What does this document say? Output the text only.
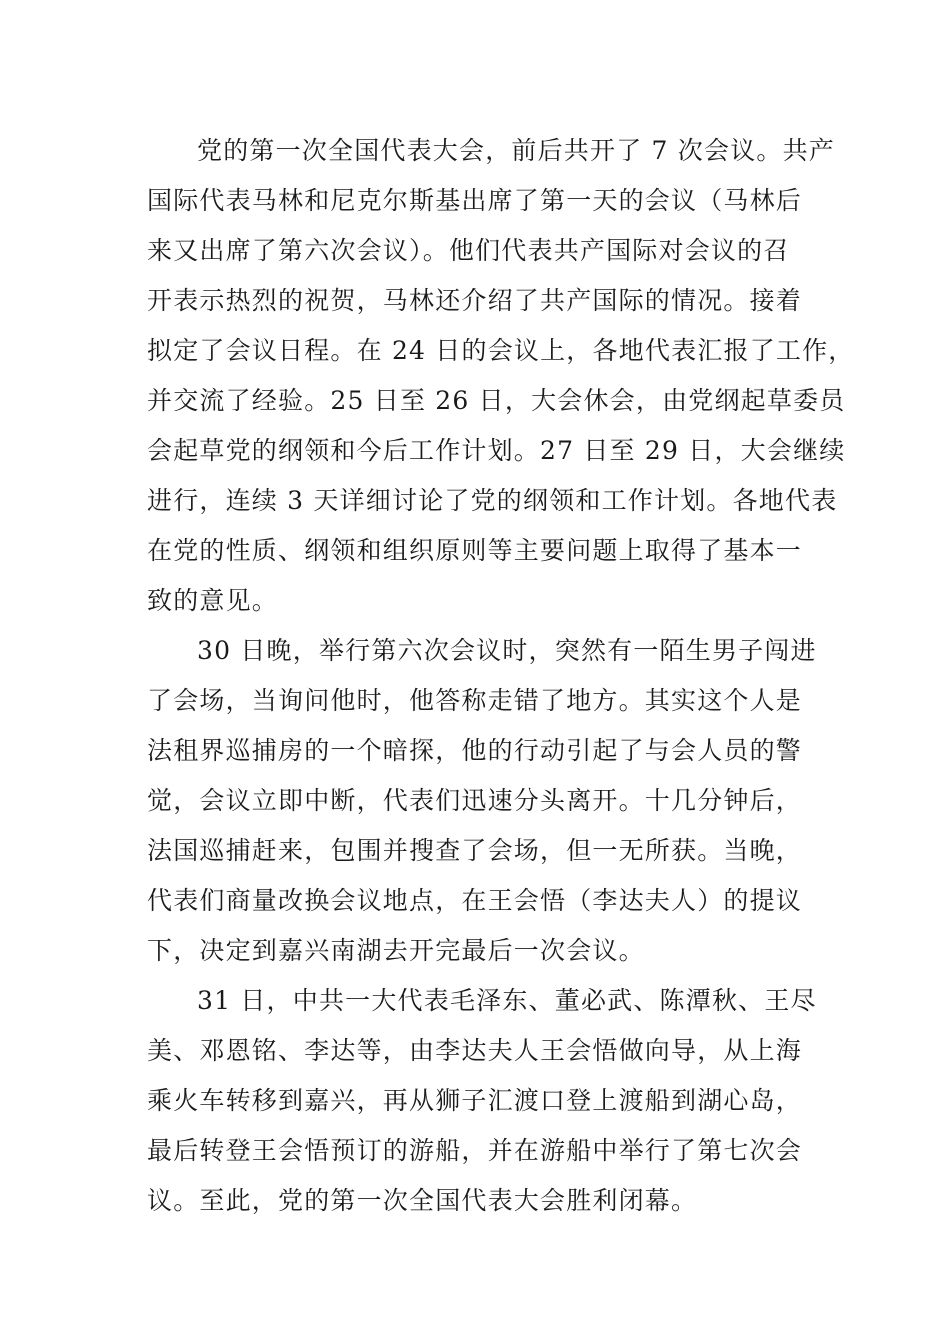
党的第一次全国代表大会，前后共开了 7 次会议。共产
国际代表马林和尼克尔斯基出席了第一天的会议（马林后
来又出席了第六次会议）。他们代表共产国际对会议的召
开表示热烈的祝贺，马林还介绍了共产国际的情况。接着
拟定了会议日程。在 24 日的会议上，各地代表汇报了工作，
并交流了经验。25 日至 26 日，大会休会，由党纲起草委员
会起草党的纲领和今后工作计划。27 日至 29 日，大会继续
进行，连续 3 天详细讨论了党的纲领和工作计划。各地代表
在党的性质、纲领和组织原则等主要问题上取得了基本一
致的意见。
30 日晚，举行第六次会议时，突然有一陌生男子闯进
了会场，当询问他时，他答称走错了地方。其实这个人是
法租界巡捕房的一个暗探，他的行动引起了与会人员的警
觉，会议立即中断，代表们迅速分头离开。十几分钟后，
法国巡捕赶来，包围并搜查了会场，但一无所获。当晚，
代表们商量改换会议地点，在王会悟（李达夫人）的提议
下，决定到嘉兴南湖去开完最后一次会议。
31 日，中共一大代表毛泽东、董必武、陈潭秋、王尽
美、邓恩铭、李达等，由李达夫人王会悟做向导，从上海
乘火车转移到嘉兴，再从狮子汇渡口登上渡船到湖心岛，
最后转登王会悟预订的游船，并在游船中举行了第七次会
议。至此，党的第一次全国代表大会胜利闭幕。
